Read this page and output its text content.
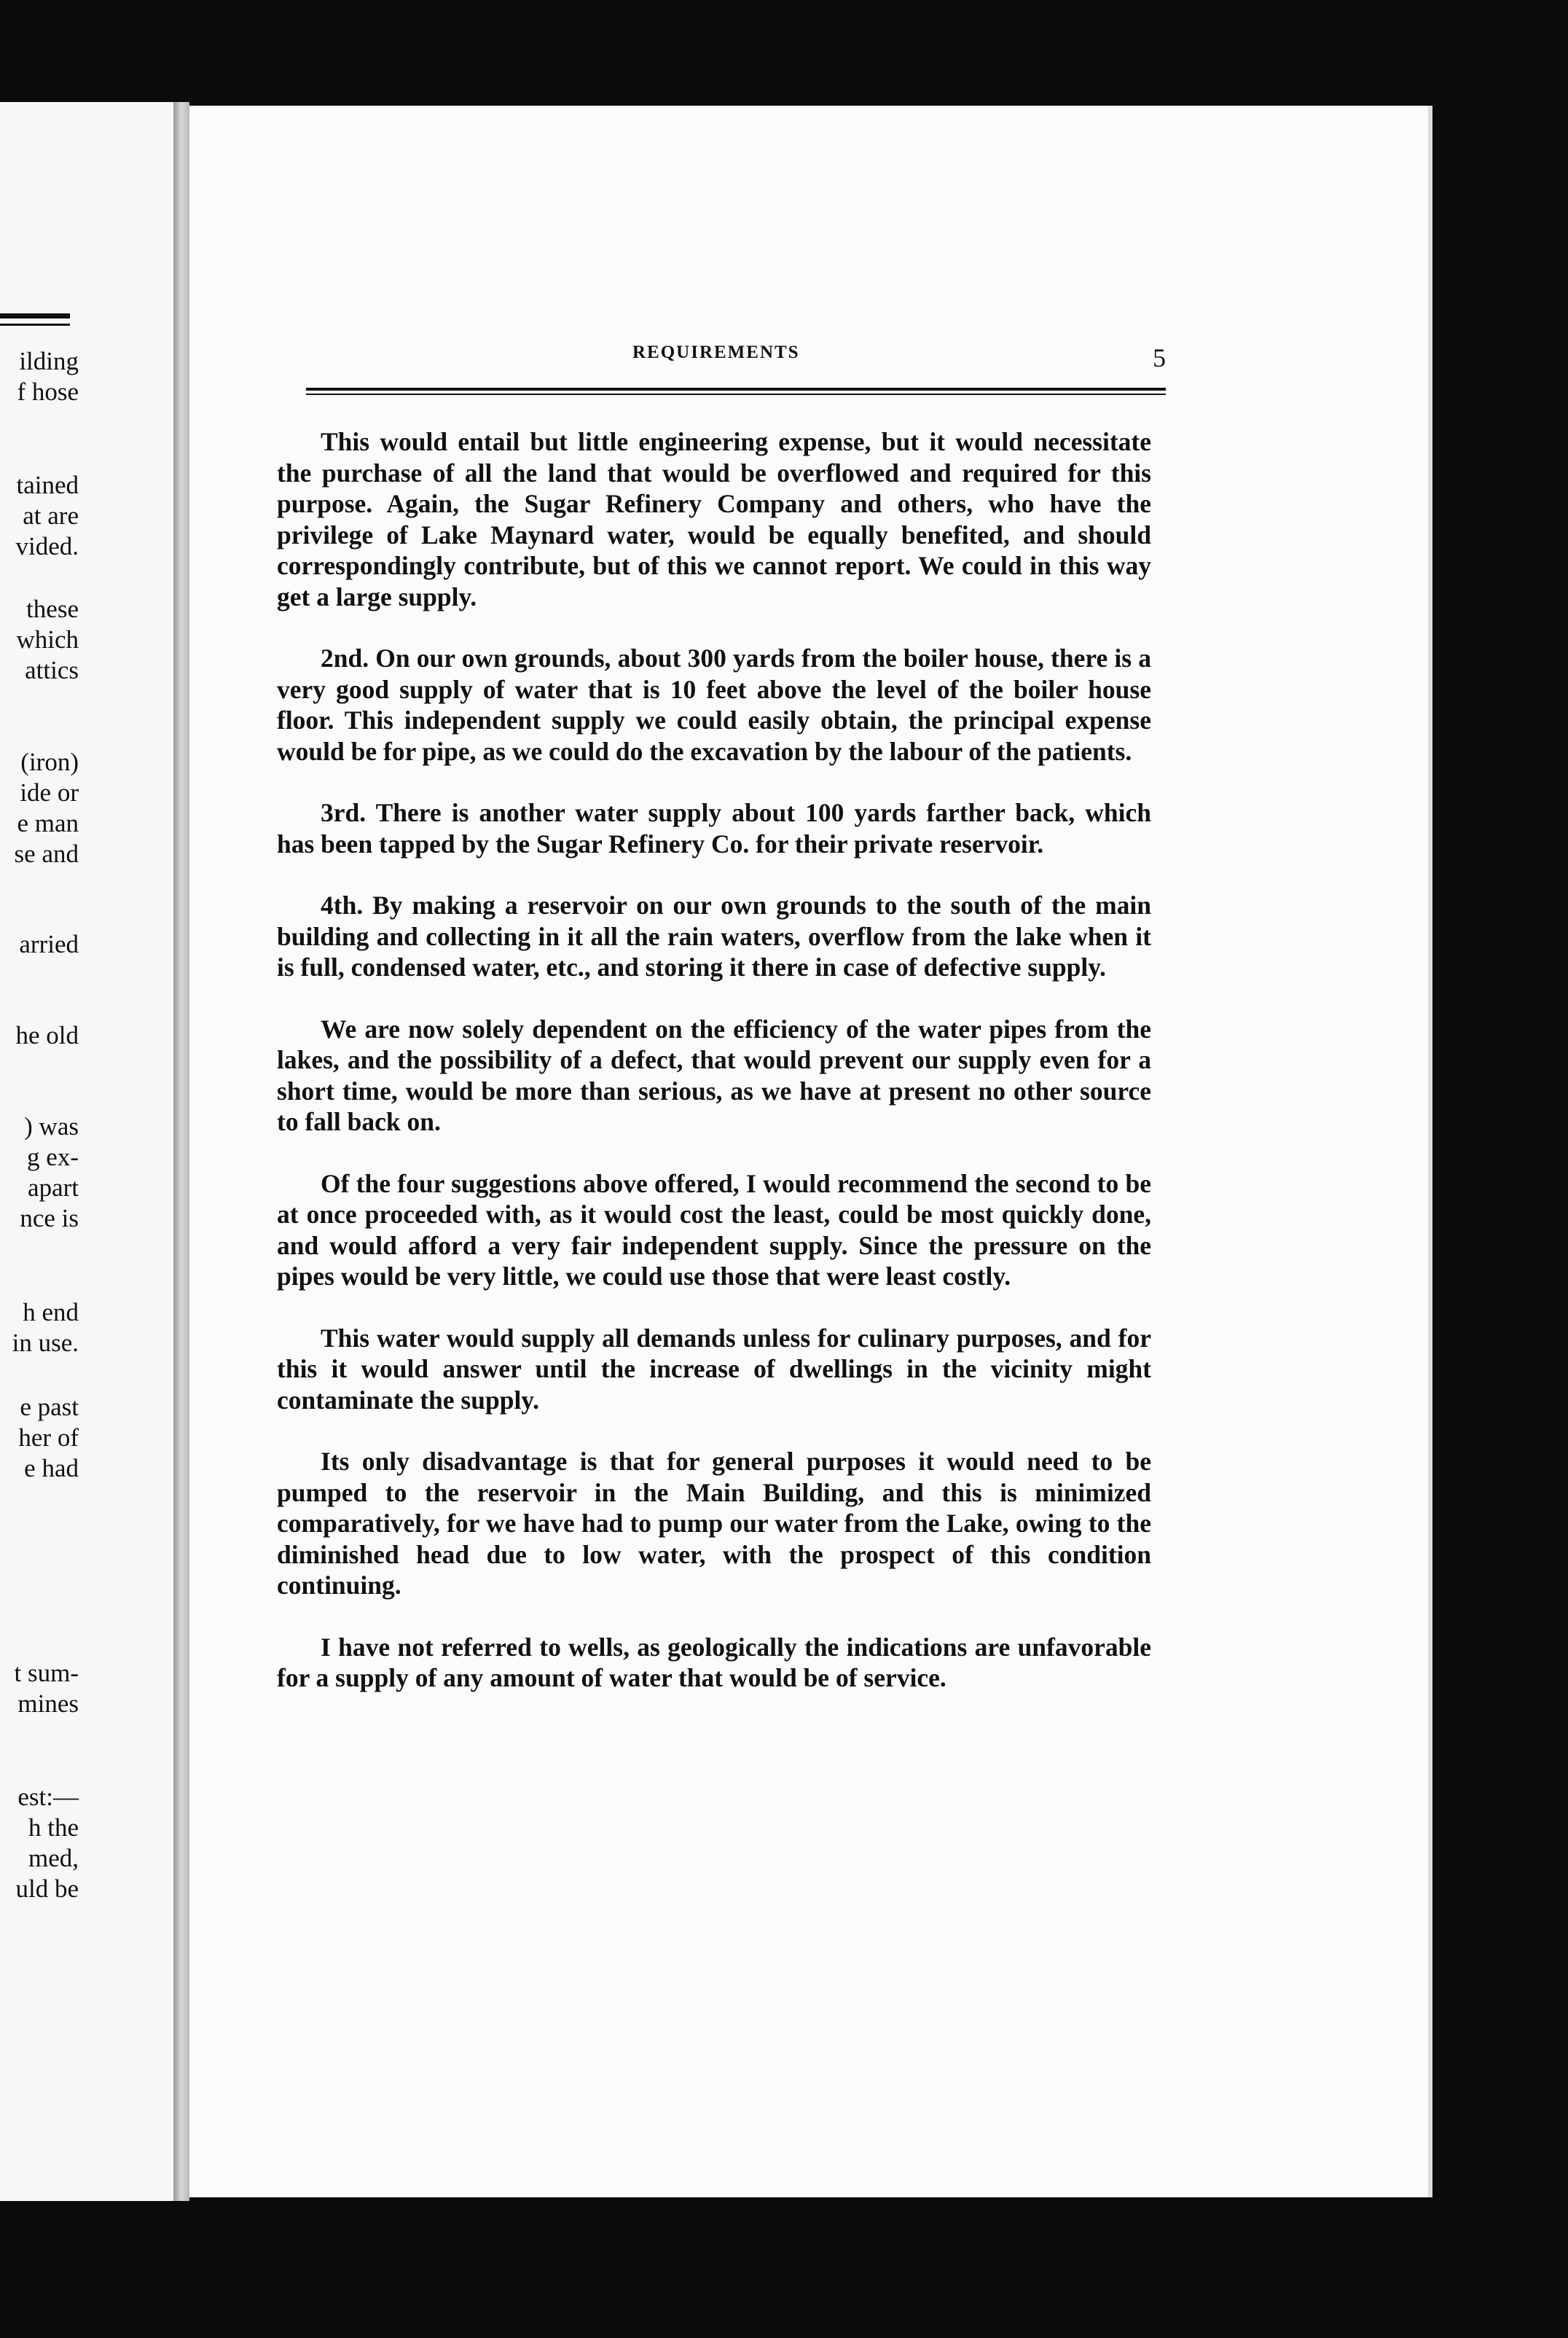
ilding
f hose
tained
at are
vided.
these
which
attics
(iron)
ide or
e man
se and
arried
he old
) was
g ex-
apart
nce is
h end
in use.
e past
her of
e had
t sum-
mines
est:—
h the
med,
uld be
REQUIREMENTS	5

This would entail but little engineering expense, but it would necessitate the purchase of all the land that would be overflowed and required for this purpose. Again, the Sugar Refinery Company and others, who have the privilege of Lake Maynard water, would be equally benefited, and should correspondingly contribute, but of this we cannot report. We could in this way get a large supply.

2nd. On our own grounds, about 300 yards from the boiler house, there is a very good supply of water that is 10 feet above the level of the boiler house floor. This independent supply we could easily obtain, the principal expense would be for pipe, as we could do the excavation by the labour of the patients.

3rd. There is another water supply about 100 yards farther back, which has been tapped by the Sugar Refinery Co. for their private reservoir.

4th. By making a reservoir on our own grounds to the south of the main building and collecting in it all the rain waters, overflow from the lake when it is full, condensed water, etc., and storing it there in case of defective supply.

We are now solely dependent on the efficiency of the water pipes from the lakes, and the possibility of a defect, that would prevent our supply even for a short time, would be more than serious, as we have at present no other source to fall back on.

Of the four suggestions above offered, I would recommend the second to be at once proceeded with, as it would cost the least, could be most quickly done, and would afford a very fair independent supply. Since the pressure on the pipes would be very little, we could use those that were least costly.

This water would supply all demands unless for culinary purposes, and for this it would answer until the increase of dwellings in the vicinity might contaminate the supply.

Its only disadvantage is that for general purposes it would need to be pumped to the reservoir in the Main Building, and this is minimized comparatively, for we have had to pump our water from the Lake, owing to the diminished head due to low water, with the prospect of this condition continuing.

I have not referred to wells, as geologically the indications are unfavorable for a supply of any amount of water that would be of service.
